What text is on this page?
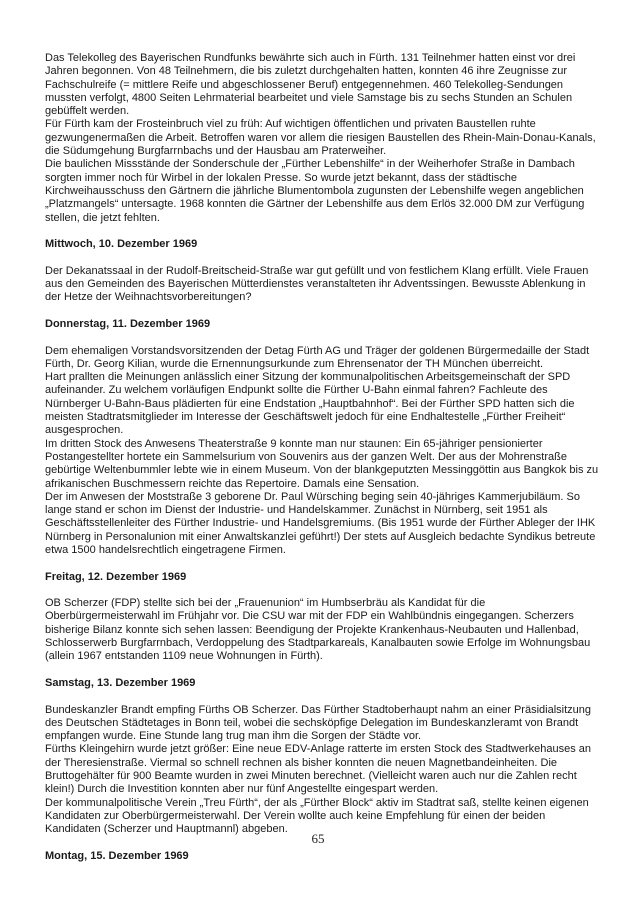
Das Telekolleg des Bayerischen Rundfunks bewährte sich auch in Fürth. 131 Teilnehmer hatten einst vor drei Jahren begonnen. Von 48 Teilnehmern, die bis zuletzt durchgehalten hatten, konnten 46 ihre Zeugnisse zur Fachschulreife (= mittlere Reife und abgeschlossener Beruf) entgegennehmen. 460 Telekolleg-Sendungen mussten verfolgt, 4800 Seiten Lehrmaterial bearbeitet und viele Samstage bis zu sechs Stunden an Schulen gebüffelt werden.

Für Fürth kam der Frosteinbruch viel zu früh: Auf wichtigen öffentlichen und privaten Baustellen ruhte gezwungenermaßen die Arbeit. Betroffen waren vor allem die riesigen Baustellen des Rhein-Main-Donau-Kanals, die Südumgehung Burgfarrnbachs und der Hausbau am Praterweiher.

Die baulichen Missstände der Sonderschule der „Fürther Lebenshilfe“ in der Weiherhofer Straße in Dambach sorgten immer noch für Wirbel in der lokalen Presse. So wurde jetzt bekannt, dass der städtische Kirchweihausschuss den Gärtnern die jährliche Blumentombola zugunsten der Lebenshilfe wegen angeblichen „Platzmangels“ untersagte. 1968 konnten die Gärtner der Lebenshilfe aus dem Erlös 32.000 DM zur Verfügung stellen, die jetzt fehlten.

Mittwoch, 10. Dezember 1969

Der Dekanatssaal in der Rudolf-Breitscheid-Straße war gut gefüllt und von festlichem Klang erfüllt. Viele Frauen aus den Gemeinden des Bayerischen Mütterdienstes veranstalteten ihr Adventssingen. Bewusste Ablenkung in der Hetze der Weihnachtsvorbereitungen?

Donnerstag, 11. Dezember 1969

Dem ehemaligen Vorstandsvorsitzenden der Detag Fürth AG und Träger der goldenen Bürgermedaille der Stadt Fürth, Dr. Georg Kilian, wurde die Ernennungsurkunde zum Ehrensenator der TH München überreicht.

Hart prallten die Meinungen anlässlich einer Sitzung der kommunalpolitischen Arbeitsgemeinschaft der SPD aufeinander. Zu welchem vorläufigen Endpunkt sollte die Fürther U-Bahn einmal fahren? Fachleute des Nürnberger U-Bahn-Baus plädierten für eine Endstation „Hauptbahnhof“. Bei der Fürther SPD hatten sich die meisten Stadtratsmitglieder im Interesse der Geschäftswelt jedoch für eine Endhaltestelle „Fürther Freiheit“ ausgesprochen.

Im dritten Stock des Anwesens Theaterstraße 9 konnte man nur staunen: Ein 65-jähriger pensionierter Postangestellter hortete ein Sammelsurium von Souvenirs aus der ganzen Welt. Der aus der Mohrenstraße gebürtige Weltenbummler lebte wie in einem Museum. Von der blankgeputzten Messinggöttin aus Bangkok bis zu afrikanischen Buschmessern reichte das Repertoire. Damals eine Sensation.

Der im Anwesen der Moststraße 3 geborene Dr. Paul Würsching beging sein 40-jähriges Kammerjubiläum. So lange stand er schon im Dienst der Industrie- und Handelskammer. Zunächst in Nürnberg, seit 1951 als Geschäftsstellenleiter des Fürther Industrie- und Handelsgremiums. (Bis 1951 wurde der Fürther Ableger der IHK Nürnberg in Personalunion mit einer Anwaltskanzlei geführt!) Der stets auf Ausgleich bedachte Syndikus betreute etwa 1500 handelsrechtlich eingetragene Firmen.

Freitag, 12. Dezember 1969

OB Scherzer (FDP) stellte sich bei der „Frauenunion“ im Humbserbräu als Kandidat für die Oberbürgermeisterwahl im Frühjahr vor. Die CSU war mit der FDP ein Wahlbündnis eingegangen. Scherzers bisherige Bilanz konnte sich sehen lassen: Beendigung der Projekte Krankenhaus-Neubauten und Hallenbad, Schlosserwerb Burgfarrnbach, Verdoppelung des Stadtparkareals, Kanalbauten sowie Erfolge im Wohnungsbau (allein 1967 entstanden 1109 neue Wohnungen in Fürth).

Samstag, 13. Dezember 1969

Bundeskanzler Brandt empfing Fürths OB Scherzer. Das Fürther Stadtoberhaupt nahm an einer Präsidialsitzung des Deutschen Städtetages in Bonn teil, wobei die sechsköpfige Delegation im Bundeskanzleramt von Brandt empfangen wurde. Eine Stunde lang trug man ihm die Sorgen der Städte vor.

Fürths Kleingehirn wurde jetzt größer: Eine neue EDV-Anlage ratterte im ersten Stock des Stadtwerkehauses an der Theresienstraße. Viermal so schnell rechnen als bisher konnten die neuen Magnetbandeinheiten. Die Bruttogehälter für 900 Beamte wurden in zwei Minuten berechnet. (Vielleicht waren auch nur die Zahlen recht klein!) Durch die Investition konnten aber nur fünf Angestellte eingespart werden.

Der kommunalpolitische Verein „Treu Fürth“, der als „Fürther Block“ aktiv im Stadtrat saß, stellte keinen eigenen Kandidaten zur Oberbürgermeisterwahl. Der Verein wollte auch keine Empfehlung für einen der beiden Kandidaten (Scherzer und Hauptmannl) abgeben.

Montag, 15. Dezember 1969
65
